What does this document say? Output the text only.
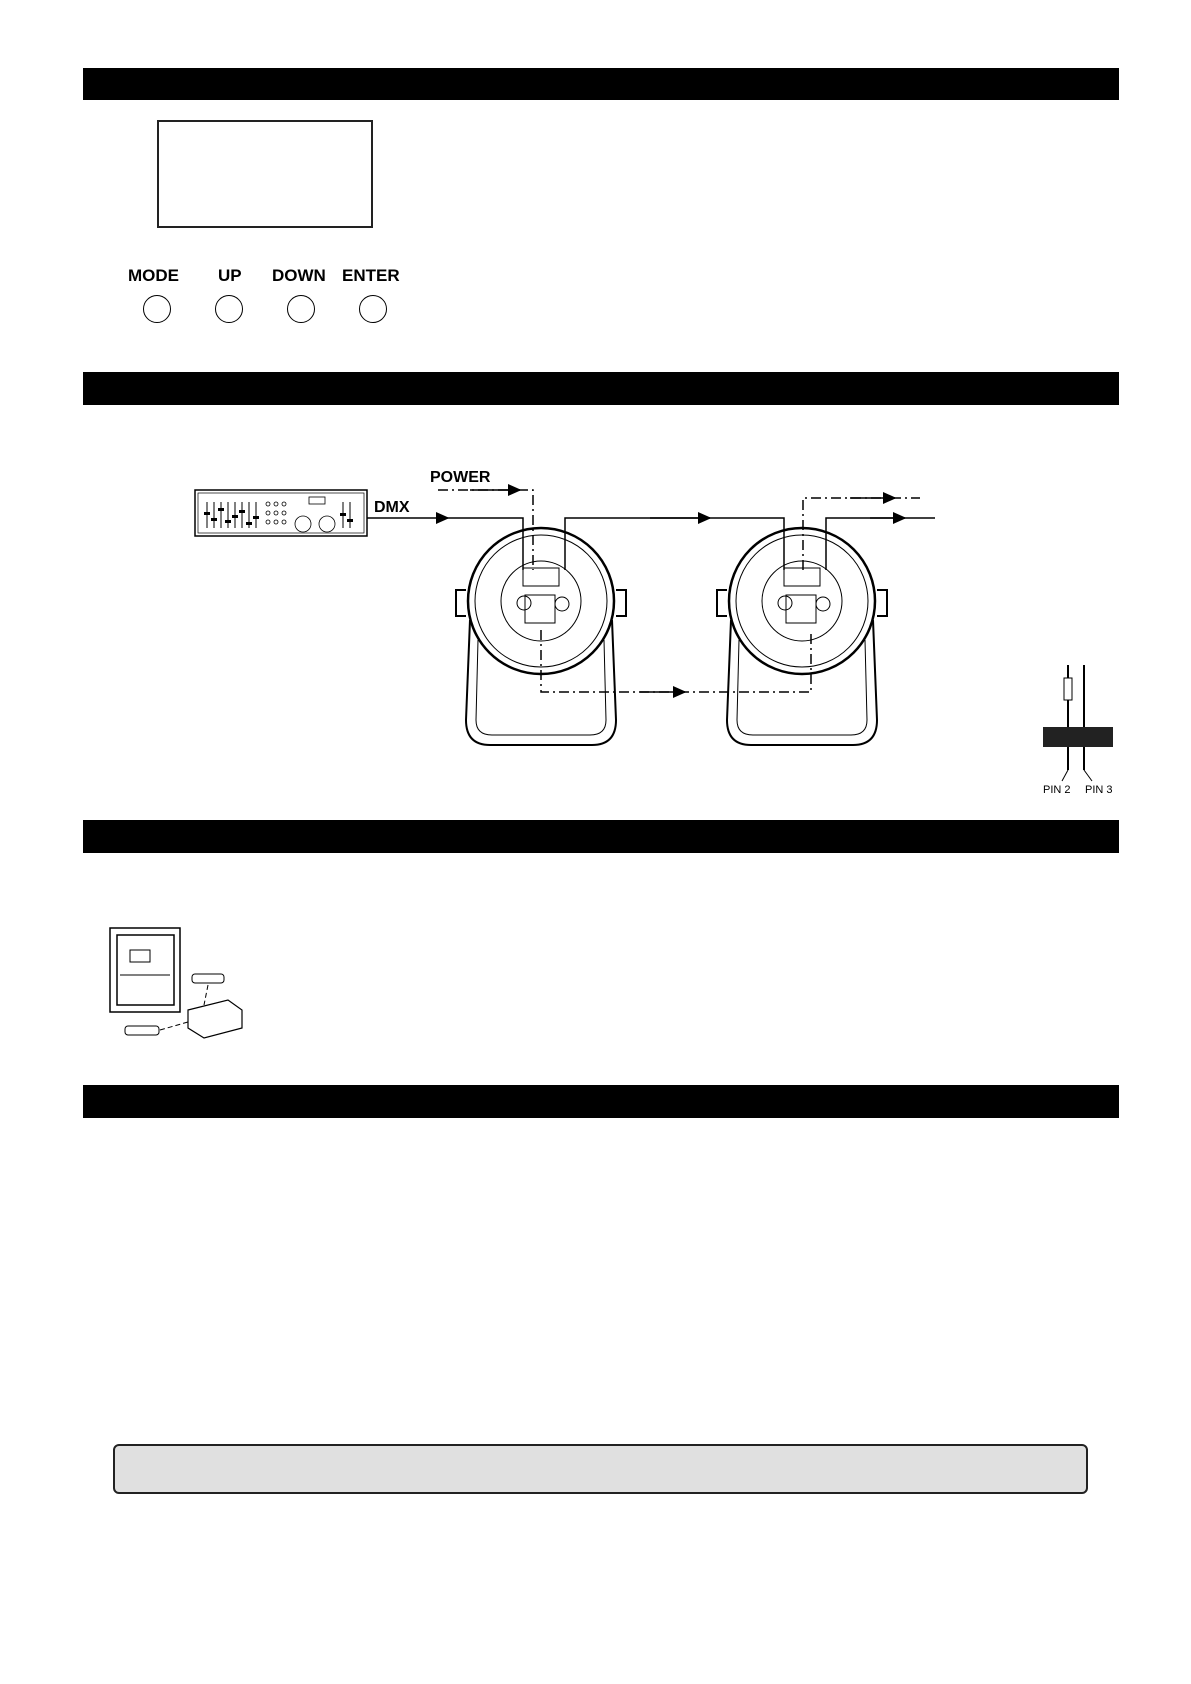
MODE UP DOWN ENTER
POWER
DMX
PIN 2 PIN 3
